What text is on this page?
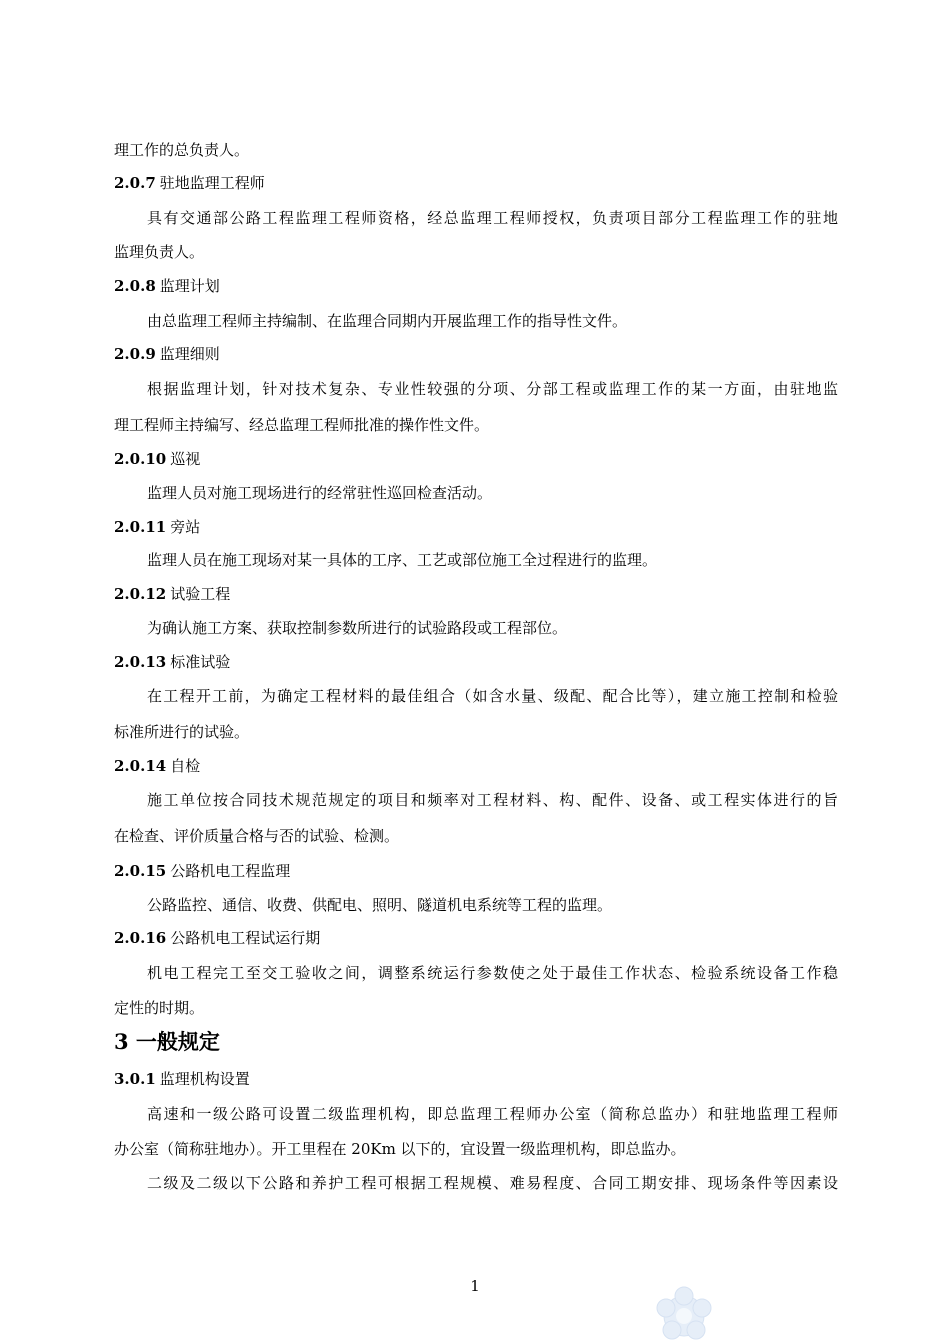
理工作的总负责人。
2.0.7 驻地监理工程师
具有交通部公路工程监理工程师资格，经总监理工程师授权，负责项目部分工程监理工作的驻地
监理负责人。
2.0.8 监理计划
由总监理工程师主持编制、在监理合同期内开展监理工作的指导性文件。
2.0.9 监理细则
根据监理计划，针对技术复杂、专业性较强的分项、分部工程或监理工作的某一方面，由驻地监
理工程师主持编写、经总监理工程师批准的操作性文件。
2.0.10 巡视
监理人员对施工现场进行的经常驻性巡回检查活动。
2.0.11 旁站
监理人员在施工现场对某一具体的工序、工艺或部位施工全过程进行的监理。
2.0.12 试验工程
为确认施工方案、获取控制参数所进行的试验路段或工程部位。
2.0.13 标准试验
在工程开工前，为确定工程材料的最佳组合（如含水量、级配、配合比等），建立施工控制和检验
标准所进行的试验。
2.0.14 自检
施工单位按合同技术规范规定的项目和频率对工程材料、构、配件、设备、或工程实体进行的旨
在检查、评价质量合格与否的试验、检测。
2.0.15 公路机电工程监理
公路监控、通信、收费、供配电、照明、隧道机电系统等工程的监理。
2.0.16 公路机电工程试运行期
机电工程完工至交工验收之间，调整系统运行参数使之处于最佳工作状态、检验系统设备工作稳
定性的时期。
3 一般规定
3.0.1 监理机构设置
高速和一级公路可设置二级监理机构，即总监理工程师办公室（简称总监办）和驻地监理工程师
办公室（简称驻地办）。开工里程在 20Km 以下的，宜设置一级监理机构，即总监办。
二级及二级以下公路和养护工程可根据工程规模、难易程度、合同工期安排、现场条件等因素设
1
